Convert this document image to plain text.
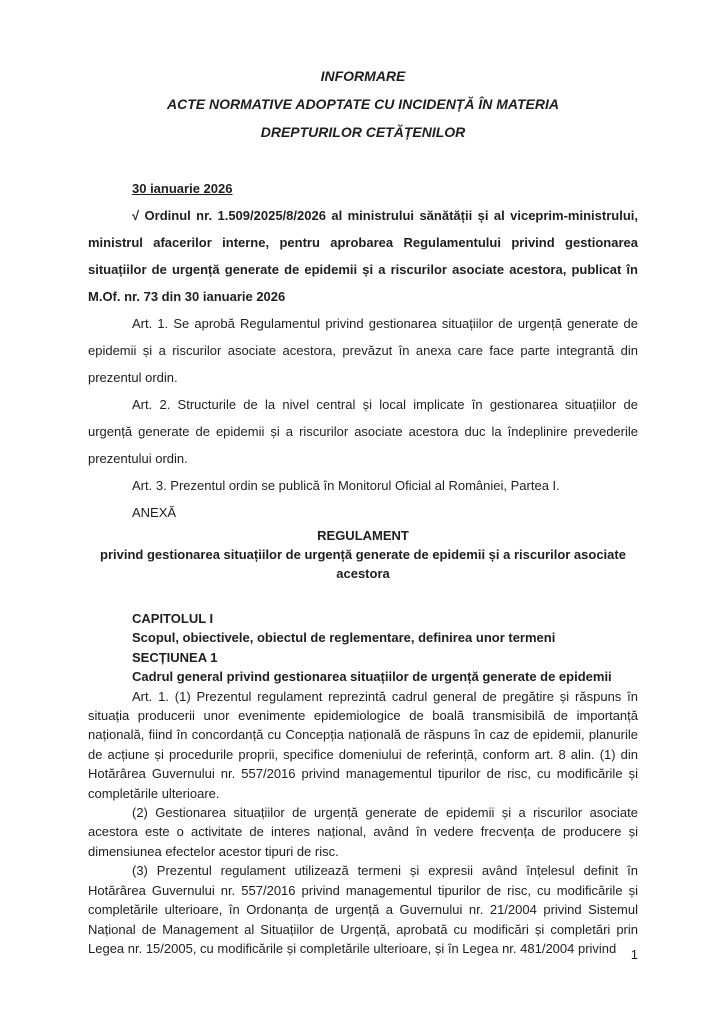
INFORMARE
ACTE NORMATIVE ADOPTATE CU INCIDENȚĂ ÎN MATERIA
DREPTURILOR CETĂȚENILOR

30 ianuarie 2026

√ Ordinul nr. 1.509/2025/8/2026 al ministrului sănătății și al viceprim-ministrului, ministrul afacerilor interne, pentru aprobarea Regulamentului privind gestionarea situațiilor de urgență generate de epidemii și a riscurilor asociate acestora, publicat în M.Of. nr. 73 din 30 ianuarie 2026

Art. 1. Se aprobă Regulamentul privind gestionarea situațiilor de urgență generate de epidemii și a riscurilor asociate acestora, prevăzut în anexa care face parte integrantă din prezentul ordin.

Art. 2. Structurile de la nivel central și local implicate în gestionarea situațiilor de urgență generate de epidemii și a riscurilor asociate acestora duc la îndeplinire prevederile prezentului ordin.

Art. 3. Prezentul ordin se publică în Monitorul Oficial al României, Partea I.

ANEXĂ

REGULAMENT
privind gestionarea situațiilor de urgență generate de epidemii și a riscurilor asociate acestora

CAPITOLUL I

Scopul, obiectivele, obiectul de reglementare, definirea unor termeni

SECȚIUNEA 1

Cadrul general privind gestionarea situațiilor de urgență generate de epidemii

Art. 1. (1) Prezentul regulament reprezintă cadrul general de pregătire și răspuns în situația producerii unor evenimente epidemiologice de boală transmisibilă de importanță națională, fiind în concordanță cu Concepția națională de răspuns în caz de epidemii, planurile de acțiune și procedurile proprii, specifice domeniului de referință, conform art. 8 alin. (1) din Hotărârea Guvernului nr. 557/2016 privind managementul tipurilor de risc, cu modificările și completările ulterioare.

(2) Gestionarea situațiilor de urgență generate de epidemii și a riscurilor asociate acestora este o activitate de interes național, având în vedere frecvența de producere și dimensiunea efectelor acestor tipuri de risc.

(3) Prezentul regulament utilizează termeni și expresii având înțelesul definit în Hotărârea Guvernului nr. 557/2016 privind managementul tipurilor de risc, cu modificările și completările ulterioare, în Ordonanța de urgență a Guvernului nr. 21/2004 privind Sistemul Național de Management al Situațiilor de Urgență, aprobată cu modificări și completări prin Legea nr. 15/2005, cu modificările și completările ulterioare, și în Legea nr. 481/2004 privind	1
